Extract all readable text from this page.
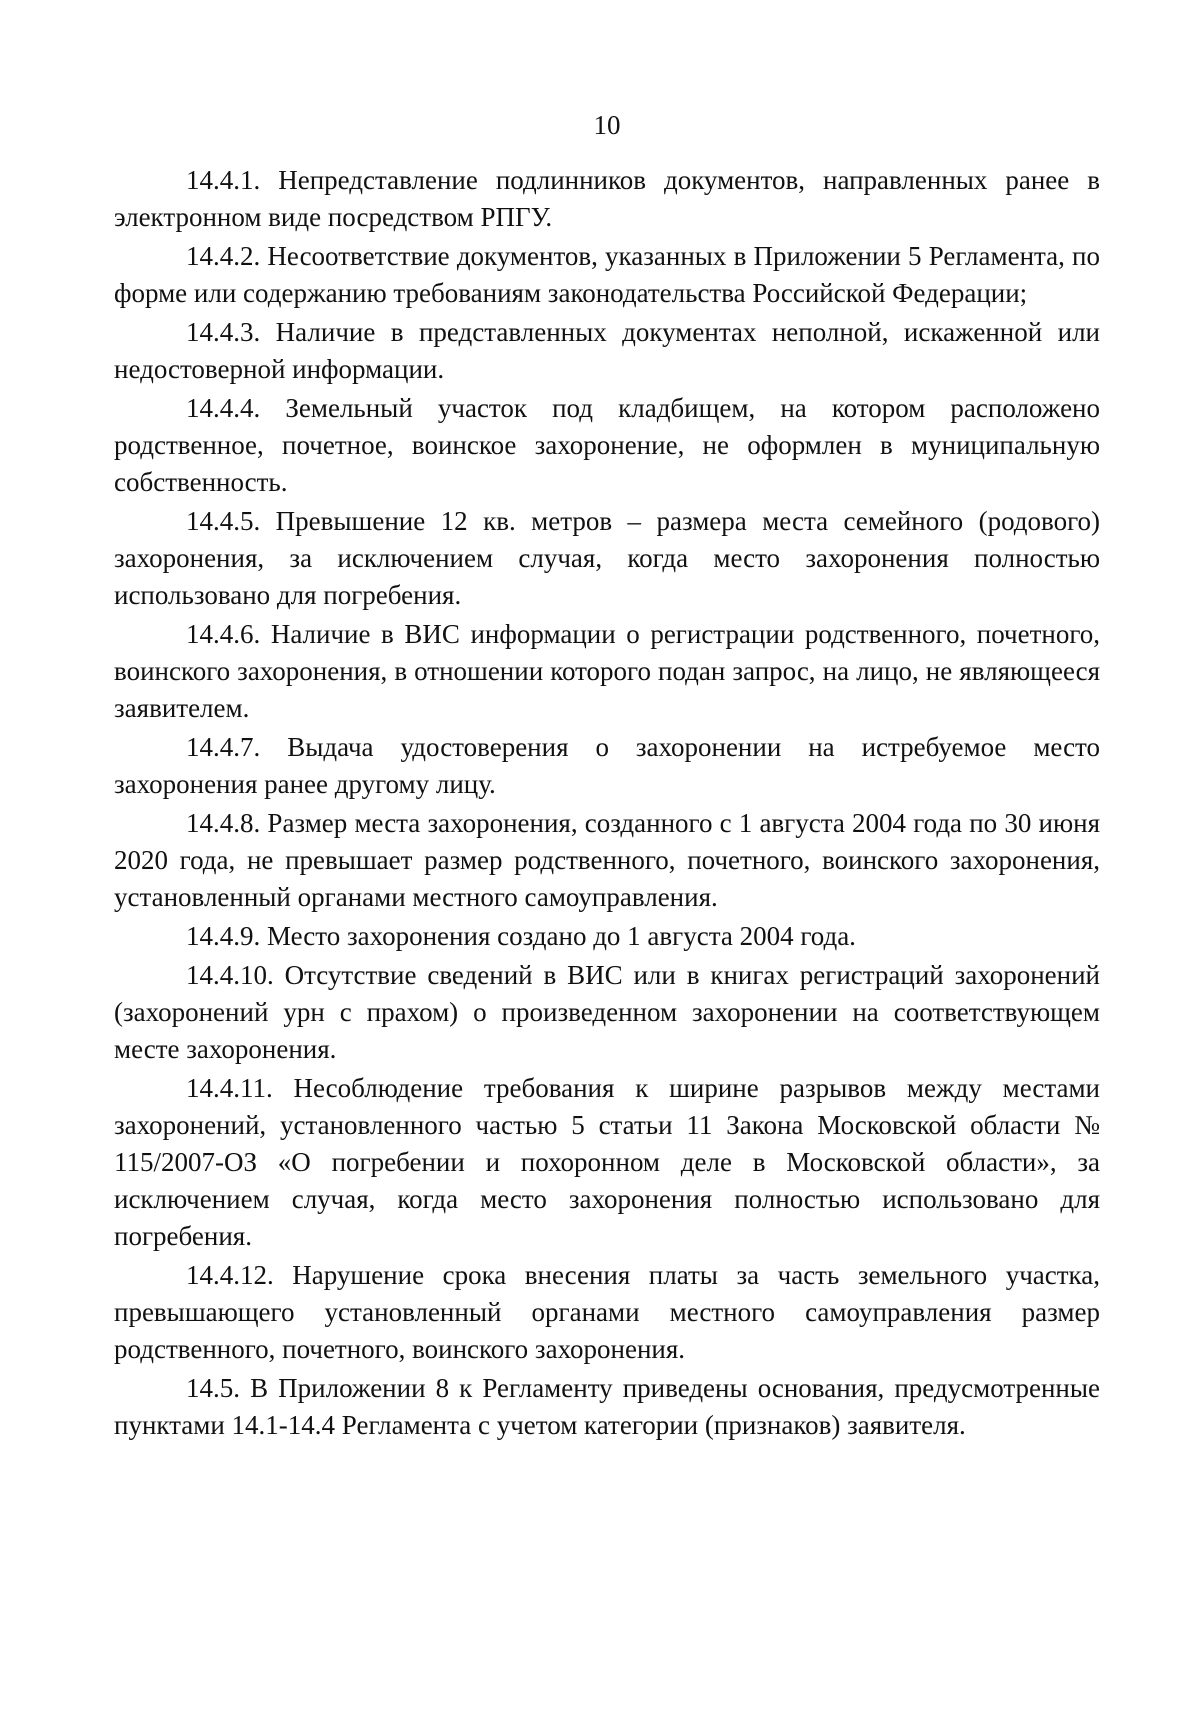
10

14.4.1. Непредставление подлинников документов, направленных ранее в электронном виде посредством РПГУ.

14.4.2. Несоответствие документов, указанных в Приложении 5 Регламента, по форме или содержанию требованиям законодательства Российской Федерации;

14.4.3. Наличие в представленных документах неполной, искаженной или недостоверной информации.

14.4.4. Земельный участок под кладбищем, на котором расположено родственное, почетное, воинское захоронение, не оформлен в муниципальную собственность.

14.4.5. Превышение 12 кв. метров – размера места семейного (родового) захоронения, за исключением случая, когда место захоронения полностью использовано для погребения.

14.4.6. Наличие в ВИС информации о регистрации родственного, почетного, воинского захоронения, в отношении которого подан запрос, на лицо, не являющееся заявителем.

14.4.7. Выдача удостоверения о захоронении на истребуемое место захоронения ранее другому лицу.

14.4.8. Размер места захоронения, созданного с 1 августа 2004 года по 30 июня 2020 года, не превышает размер родственного, почетного, воинского захоронения, установленный органами местного самоуправления.

14.4.9. Место захоронения создано до 1 августа 2004 года.

14.4.10. Отсутствие сведений в ВИС или в книгах регистраций захоронений (захоронений урн с прахом) о произведенном захоронении на соответствующем месте захоронения.

14.4.11. Несоблюдение требования к ширине разрывов между местами захоронений, установленного частью 5 статьи 11 Закона Московской области № 115/2007-ОЗ «О погребении и похоронном деле в Московской области», за исключением случая, когда место захоронения полностью использовано для погребения.

14.4.12. Нарушение срока внесения платы за часть земельного участка, превышающего установленный органами местного самоуправления размер родственного, почетного, воинского захоронения.

14.5. В Приложении 8 к Регламенту приведены основания, предусмотренные пунктами 14.1-14.4 Регламента с учетом категории (признаков) заявителя.
